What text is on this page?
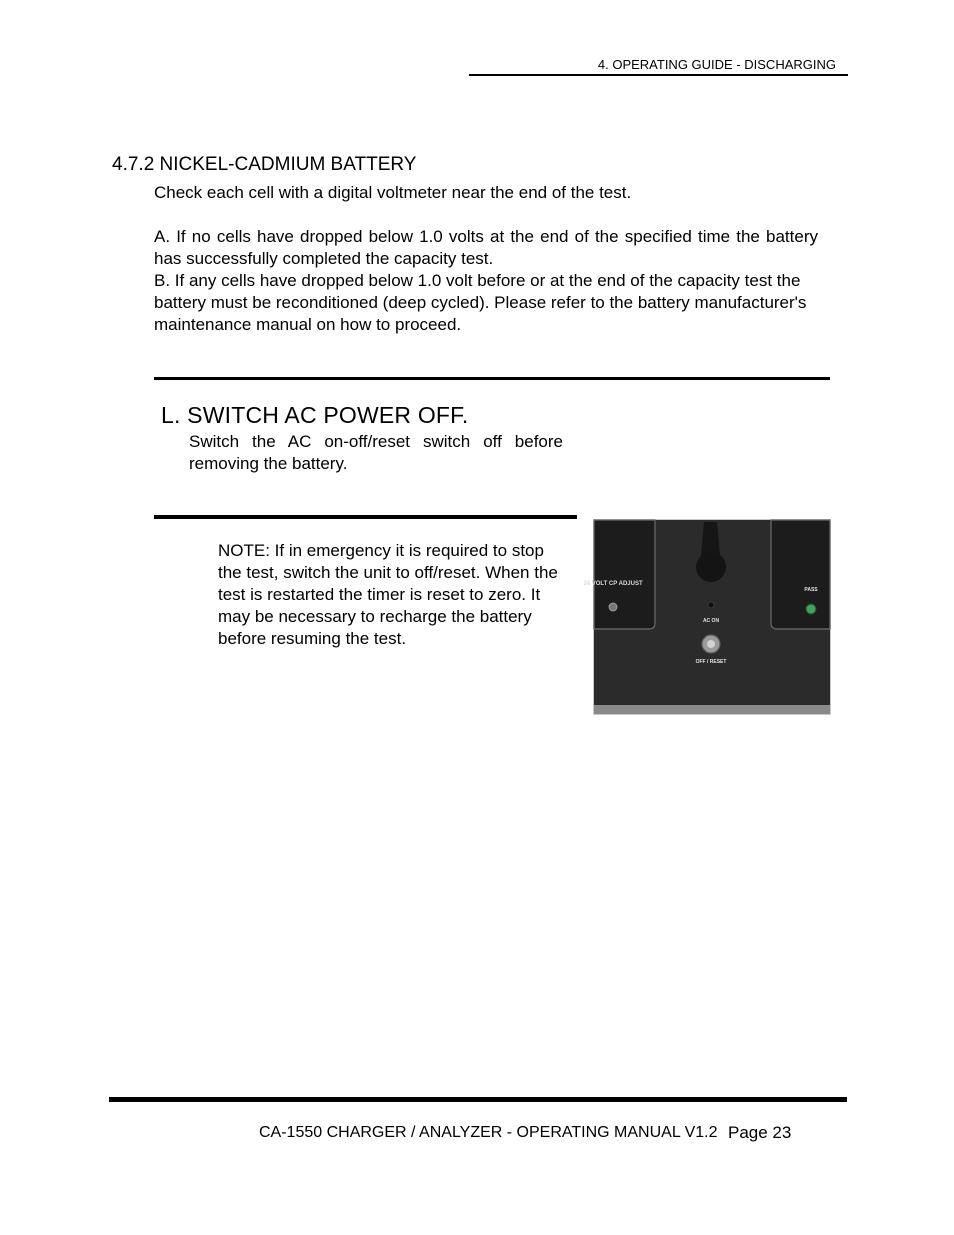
4. OPERATING GUIDE - DISCHARGING
4.7.2 NICKEL-CADMIUM BATTERY
Check each cell with a digital voltmeter near the end of the test.
A. If no cells have dropped below 1.0 volts at the end of the specified time the battery has successfully completed the capacity test.
B. If any cells have dropped below 1.0 volt before or at the end of the capacity test the battery must be reconditioned (deep cycled). Please refer to the battery manufacturer's maintenance manual on how to proceed.
L. SWITCH AC POWER OFF.
Switch the AC on-off/reset switch off before removing the battery.
NOTE: If in emergency it is required to stop the test, switch the unit to off/reset. When the test is restarted the timer is reset to zero. It may be necessary to recharge the battery before resuming the test.
24 VOLT CP ADJUST
AC ON
OFF / RESET
PASS
CA-1550 CHARGER / ANALYZER - OPERATING MANUAL V1.2 Page 23
